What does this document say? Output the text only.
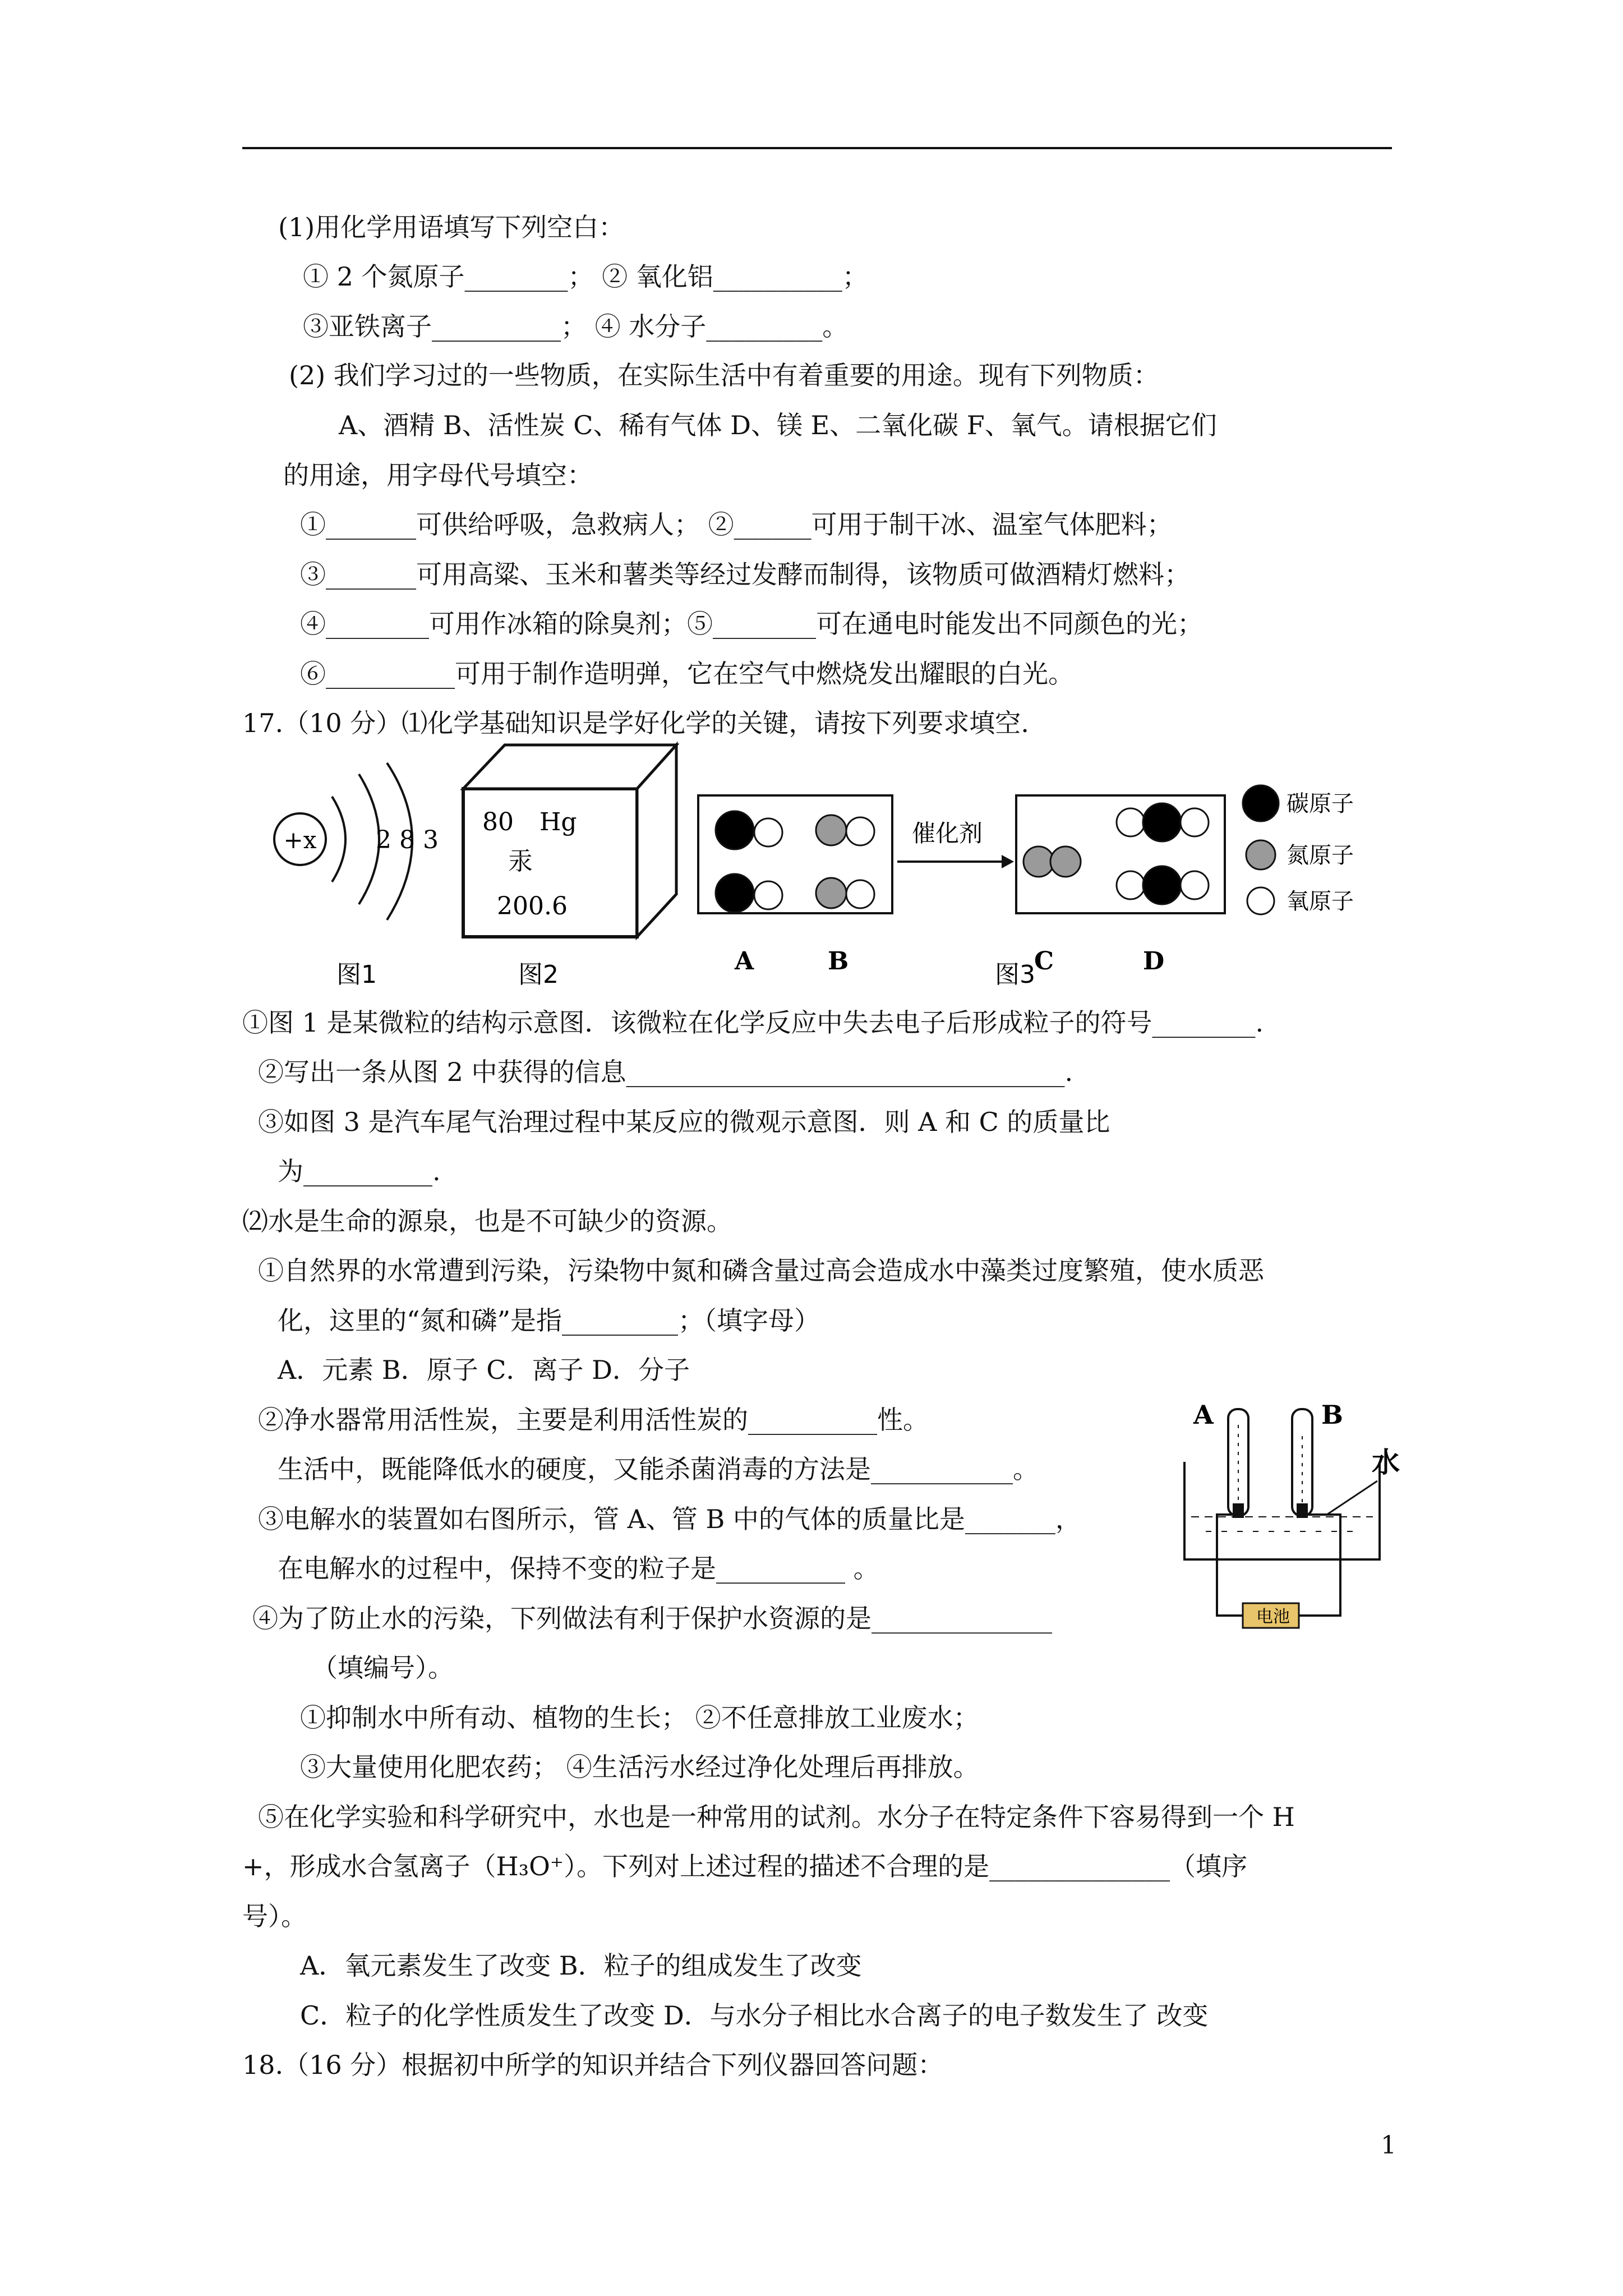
(1)用化学用语填写下列空白：
① 2 个氮原子________； ② 氧化铝__________；
③亚铁离子__________； ④ 水分子_________。
(2) 我们学习过的一些物质，在实际生活中有着重要的用途。现有下列物质：
A、酒精 B、活性炭 C、稀有气体 D、镁 E、二氧化碳 F、氧气。请根据它们
的用途，用字母代号填空：
①_______可供给呼吸，急救病人； ②______可用于制干冰、温室气体肥料；
③_______可用高粱、玉米和薯类等经过发酵而制得，该物质可做酒精灯燃料；
④________可用作冰箱的除臭剂；⑤________可在通电时能发出不同颜色的光；
⑥__________可用于制作造明弹，它在空气中燃烧发出耀眼的白光。
17.（10 分）⑴化学基础知识是学好化学的关键，请按下列要求填空.
+x 2 8 3
图1
80 Hg
汞
200.6
图2
催化剂
A	B	图3
C	D
碳原子
氮原子
氧原子
A	B
电池
水
①图 1 是某微粒的结构示意图．该微粒在化学反应中失去电子后形成粒子的符号________.
②写出一条从图 2 中获得的信息__________________________________.
③如图 3 是汽车尾气治理过程中某反应的微观示意图．则 A 和 C 的质量比
为__________.
⑵水是生命的源泉，也是不可缺少的资源。
①自然界的水常遭到污染，污染物中氮和磷含量过高会造成水中藻类过度繁殖，使水质恶
化，这里的“氮和磷”是指_________；（填字母）
A．元素 B．原子 C．离子 D．分子
②净水器常用活性炭，主要是利用活性炭的__________性。
生活中，既能降低水的硬度，又能杀菌消毒的方法是___________。
③电解水的装置如右图所示，管 A、管 B 中的气体的质量比是_______，
在电解水的过程中，保持不变的粒子是__________ 。
④为了防止水的污染，下列做法有利于保护水资源的是______________
（填编号）。
①抑制水中所有动、植物的生长； ②不任意排放工业废水；
③大量使用化肥农药； ④生活污水经过净化处理后再排放。
⑤在化学实验和科学研究中，水也是一种常用的试剂。水分子在特定条件下容易得到一个 H
+，形成水合氢离子（H₃O⁺）。下列对上述过程的描述不合理的是______________（填序
号）。
A．氧元素发生了改变 B．粒子的组成发生了改变
C．粒子的化学性质发生了改变 D．与水分子相比水合离子的电子数发生了 改变
18.（16 分）根据初中所学的知识并结合下列仪器回答问题：
1
